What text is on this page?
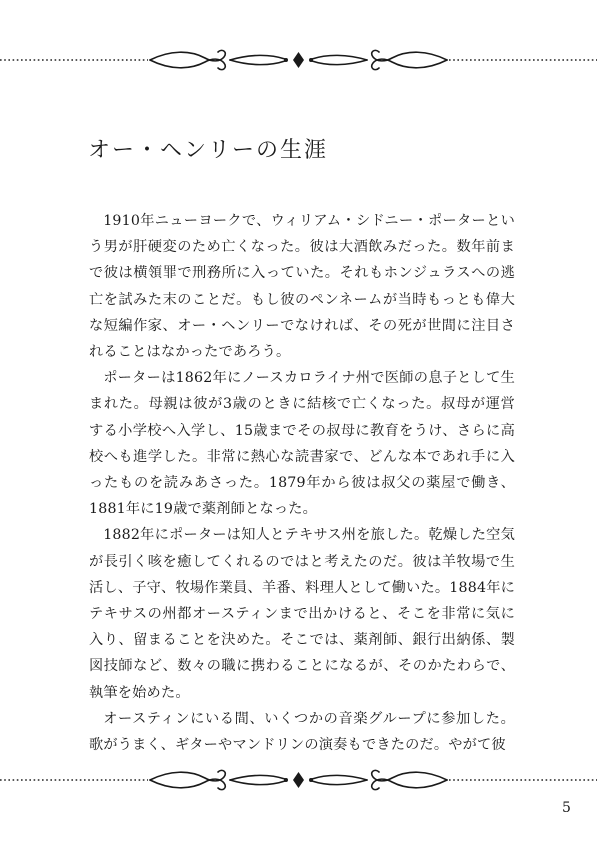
オー・ヘンリーの生涯

1910年ニューヨークで、ウィリアム・シドニー・ポーターという男が肝硬変のため亡くなった。彼は大酒飲みだった。数年前まで彼は横領罪で刑務所に入っていた。それもホンジュラスへの逃亡を試みた末のことだ。もし彼のペンネームが当時もっとも偉大な短編作家、オー・ヘンリーでなければ、その死が世間に注目されることはなかったであろう。

ポーターは1862年にノースカロライナ州で医師の息子として生まれた。母親は彼が3歳のときに結核で亡くなった。叔母が運営する小学校へ入学し、15歳までその叔母に教育をうけ、さらに高校へも進学した。非常に熱心な読書家で、どんな本であれ手に入ったものを読みあさった。1879年から彼は叔父の薬屋で働き、1881年に19歳で薬剤師となった。

1882年にポーターは知人とテキサス州を旅した。乾燥した空気が長引く咳を癒してくれるのではと考えたのだ。彼は羊牧場で生活し、子守、牧場作業員、羊番、料理人として働いた。1884年にテキサスの州都オースティンまで出かけると、そこを非常に気に入り、留まることを決めた。そこでは、薬剤師、銀行出納係、製図技師など、数々の職に携わることになるが、そのかたわらで、執筆を始めた。

オースティンにいる間、いくつかの音楽グループに参加した。歌がうまく、ギターやマンドリンの演奏もできたのだ。やがて彼

5
